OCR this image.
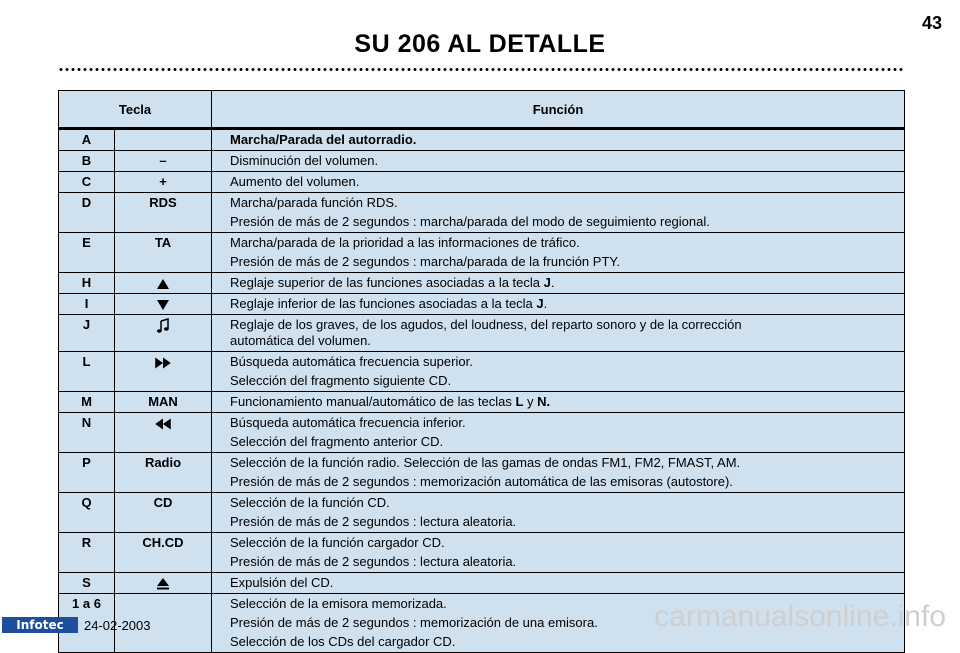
43
SU 206 AL DETALLE
Tecla		Función
A		Marcha/Parada del autorradio.

B	–	Disminución del volumen.

C	+	Aumento del volumen.

D	RDS	Marcha/parada función RDS.
Presión de más de 2 segundos : marcha/parada del modo de seguimiento regional.

E	TA	Marcha/parada de la prioridad a las informaciones de tráfico.
Presión de más de 2 segundos : marcha/parada de la frunción PTY.

H		Reglaje superior de las funciones asociadas a la tecla J.

I		Reglaje inferior de las funciones asociadas a la tecla J.

J		Reglaje de los graves, de los agudos, del loudness, del reparto sonoro y de la corrección
automática del volumen.

L		Búsqueda automática frecuencia superior.
Selección del fragmento siguiente CD.

M	MAN	Funcionamiento manual/automático de las teclas L y N.

N		Búsqueda automática frecuencia inferior.
Selección del fragmento anterior CD.

P	Radio	Selección de la función radio. Selección de las gamas de ondas FM1, FM2, FMAST, AM.
Presión de más de 2 segundos : memorización automática de las emisoras (autostore).

Q	CD	Selección de la función CD.
Presión de más de 2 segundos : lectura aleatoria.

R	CH.CD	Selección de la función cargador CD.
Presión de más de 2 segundos : lectura aleatoria.

S		Expulsión del CD.

1 a 6		Selección de la emisora memorizada.
Presión de más de 2 segundos : memorización de una emisora.
Selección de los CDs del cargador CD.
Infotec	24-02-2003	carmanualsonline.info
